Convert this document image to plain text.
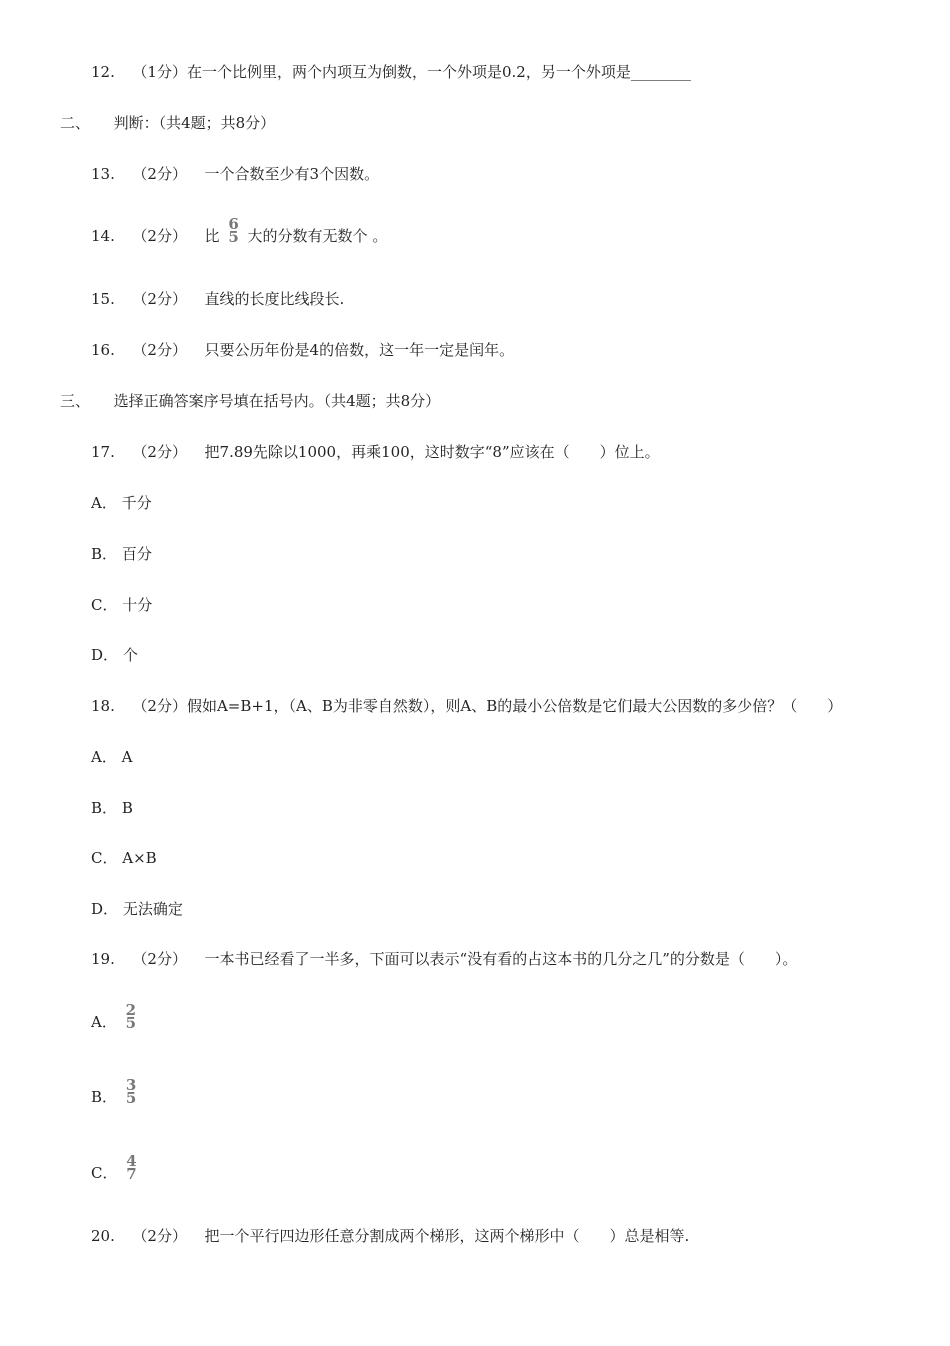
12. （1分）在一个比例里，两个内项互为倒数，一个外项是0.2，另一个外项是________
二、 判断：（共4题；共8分）
13. （2分） 一个合数至少有3个因数。
14. （2分） 比
6
5 大的分数有无数个 。
15. （2分） 直线的长度比线段长.
16. （2分） 只要公历年份是4的倍数，这一年一定是闰年。
三、 选择正确答案序号填在括号内。（共4题；共8分）
17. （2分） 把7.89先除以1000，再乘100，这时数字“8”应该在（　　）位上。
A． 千分
B． 百分
C． 十分
D． 个
18. （2分）假如A=B+1，（A、B为非零自然数），则A、B的最小公倍数是它们最大公因数的多少倍？（　　）
A． A
B． B
C． A×B
D． 无法确定
19. （2分） 一本书已经看了一半多，下面可以表示“没有看的占这本书的几分之几”的分数是（　　）。
A．
2
5
B．
3
5
C．
4
7
20. （2分） 把一个平行四边形任意分割成两个梯形，这两个梯形中（　　）总是相等.
